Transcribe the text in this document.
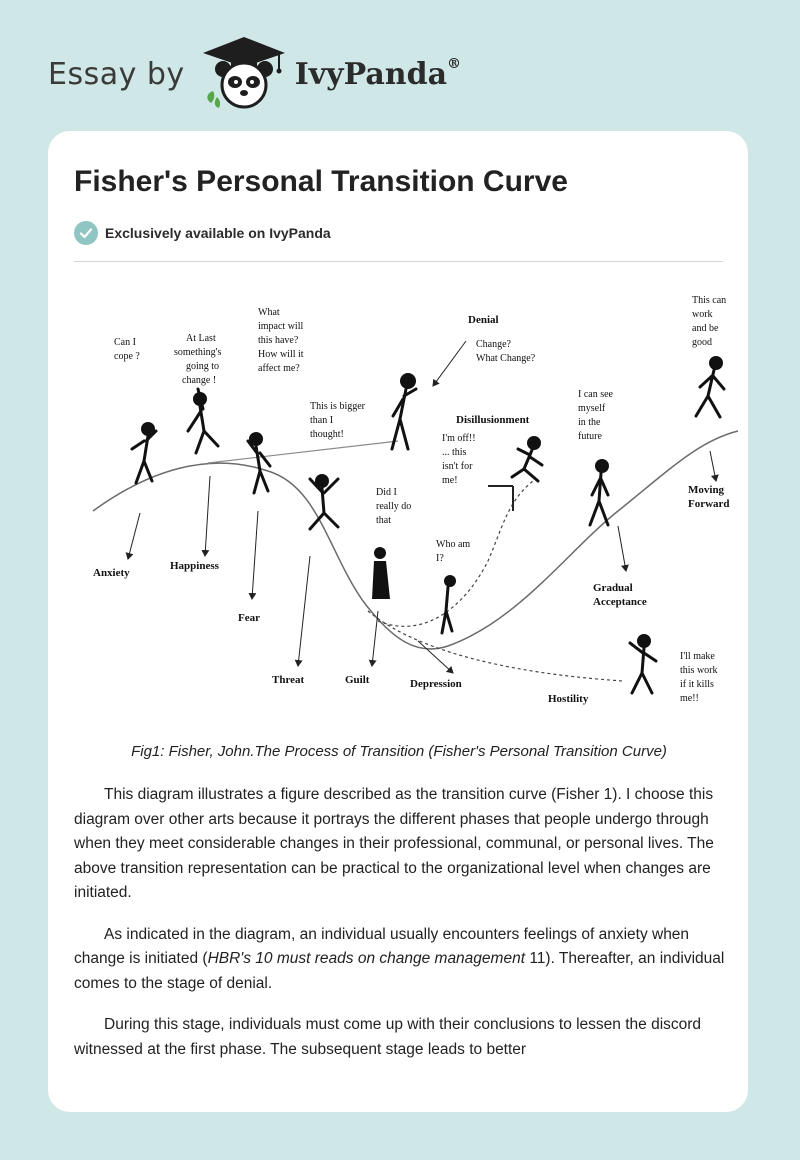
Essay by	IvyPanda®
Fisher's Personal Transition Curve
Exclusively available on IvyPanda
Anxiety
Happiness
Fear
Threat	Guilt	Depression
Hostility
Gradual Acceptance
Moving Forward
Denial
Disillusionment
Can I cope ?
At Last something's going to change !
What impact will this have? How will it affect me?
This is bigger than I thought!
Change? What Change?
I'm off!! ... this isn't for me!
Did I really do that
Who am I?
I can see myself in the future
This can work and be good
I'll make this work if it kills me!!

Fig1: Fisher, John.The Process of Transition (Fisher's Personal Transition Curve)

This diagram illustrates a figure described as the transition curve (Fisher 1). I choose this diagram over other arts because it portrays the different phases that people undergo through when they meet considerable changes in their professional, communal, or personal lives. The above transition representation can be practical to the organizational level when changes are initiated.

As indicated in the diagram, an individual usually encounters feelings of anxiety when change is initiated (HBR's 10 must reads on change management 11). Thereafter, an individual comes to the stage of denial.

During this stage, individuals must come up with their conclusions to lessen the discord witnessed at the first phase. The subsequent stage leads to better
